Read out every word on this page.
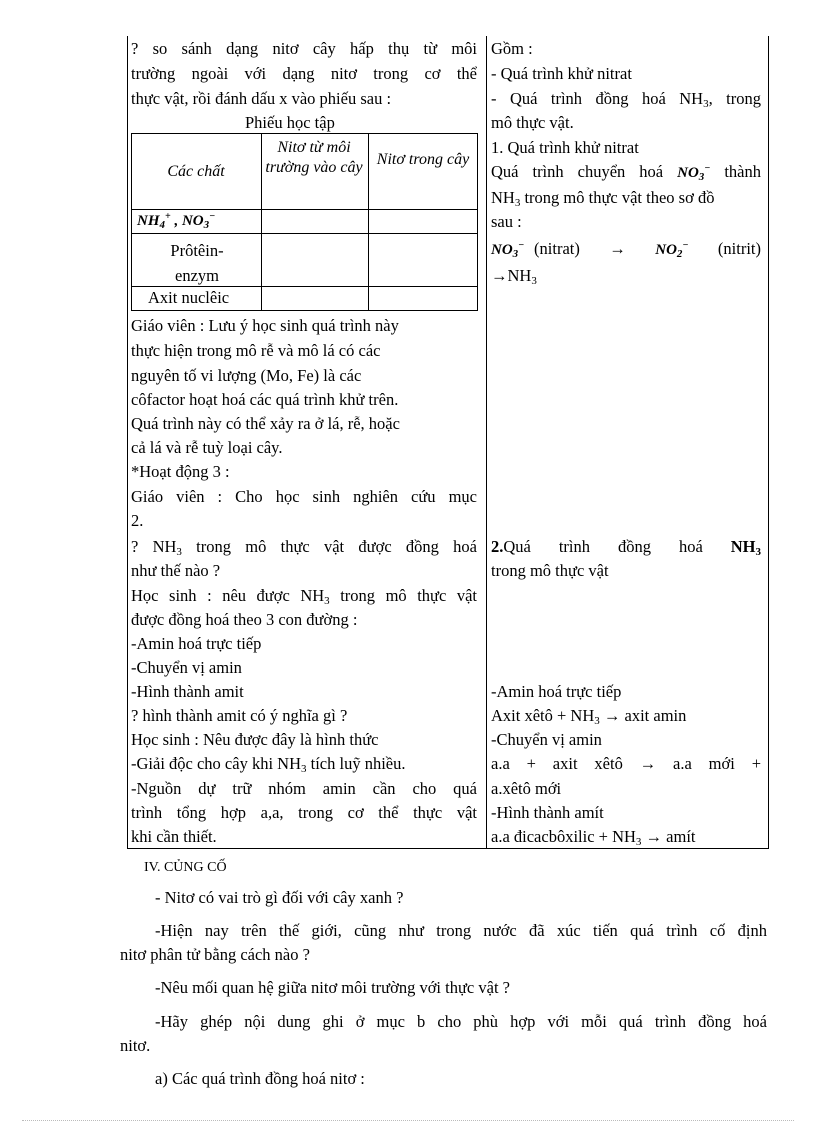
? so sánh dạng nitơ cây hấp thụ từ môi
trường ngoài với dạng nitơ trong cơ thể
thực vật, rồi đánh dấu x vào phiếu sau :
Phiếu học tập
Các chất
Nitơ từ môi trường vào cây Nitơ trong cây
$NH_4^+$ , $NO_3^-$
Prôtêin-enzym
Axit nuclêic
Giáo viên : Lưu ý học sinh quá trình này
thực hiện trong mô rễ và mô lá có các
nguyên tố vi lượng (Mo, Fe) là các
côfactor hoạt hoá các quá trình khử trên.
Quá trình này có thể xảy ra ở lá, rễ, hoặc
cả lá và rễ tuỳ loại cây.
*Hoạt động 3 :
Giáo viên : Cho học sinh nghiên cứu mục
2.
? $NH_3$ trong mô thực vật được đồng hoá
như thế nào ?
Học sinh : nêu được $NH_3$ trong mô thực vật
được đồng hoá theo 3 con đường :
-Amin hoá trực tiếp
-Chuyển vị amin
-Hình thành amit
? hình thành amit có ý nghĩa gì ?
Học sinh : Nêu được đây là hình thức
-Giải độc cho cây khi $NH_3$ tích luỹ nhiều.
-Nguồn dự trữ nhóm amin cần cho quá
trình tổng hợp a,a, trong cơ thể thực vật
khi cần thiết.
Gồm :
- Quá trình khử nitrat
- Quá trình đồng hoá $NH_3$, trong
mô thực vật.
1. Quá trình khử nitrat
Quá trình chuyển hoá $NO_3^-$ thành
$NH_3$ trong mô thực vật theo sơ đồ
sau :
$NO_3^-$ (nitrat)   →   $NO_2^-$   (nitrit)
$\to NH_3$
2.Quá trình đồng hoá $NH_3$
trong mô thực vật
-Amin hoá trực tiếp
Axit xêtô + $NH_3$ → axit amin
-Chuyển vị amin
a.a + axit xêtô → a.a mới +
a.xêtô mới
-Hình thành amít
a.a đicacbôxilic + $NH_3$ → amít
IV. CỦNG CỐ
- Nitơ có vai trò gì đối với cây xanh ?
-Hiện nay trên thế giới, cũng như trong nước đã xúc tiến quá trình cố định
nitơ phân tử bằng cách nào ?
-Nêu mối quan hệ giữa nitơ môi trường với thực vật ?
-Hãy ghép nội dung ghi ở mục b cho phù hợp với mỗi quá trình đồng hoá
nitơ.
a) Các quá trình đồng hoá nitơ :
